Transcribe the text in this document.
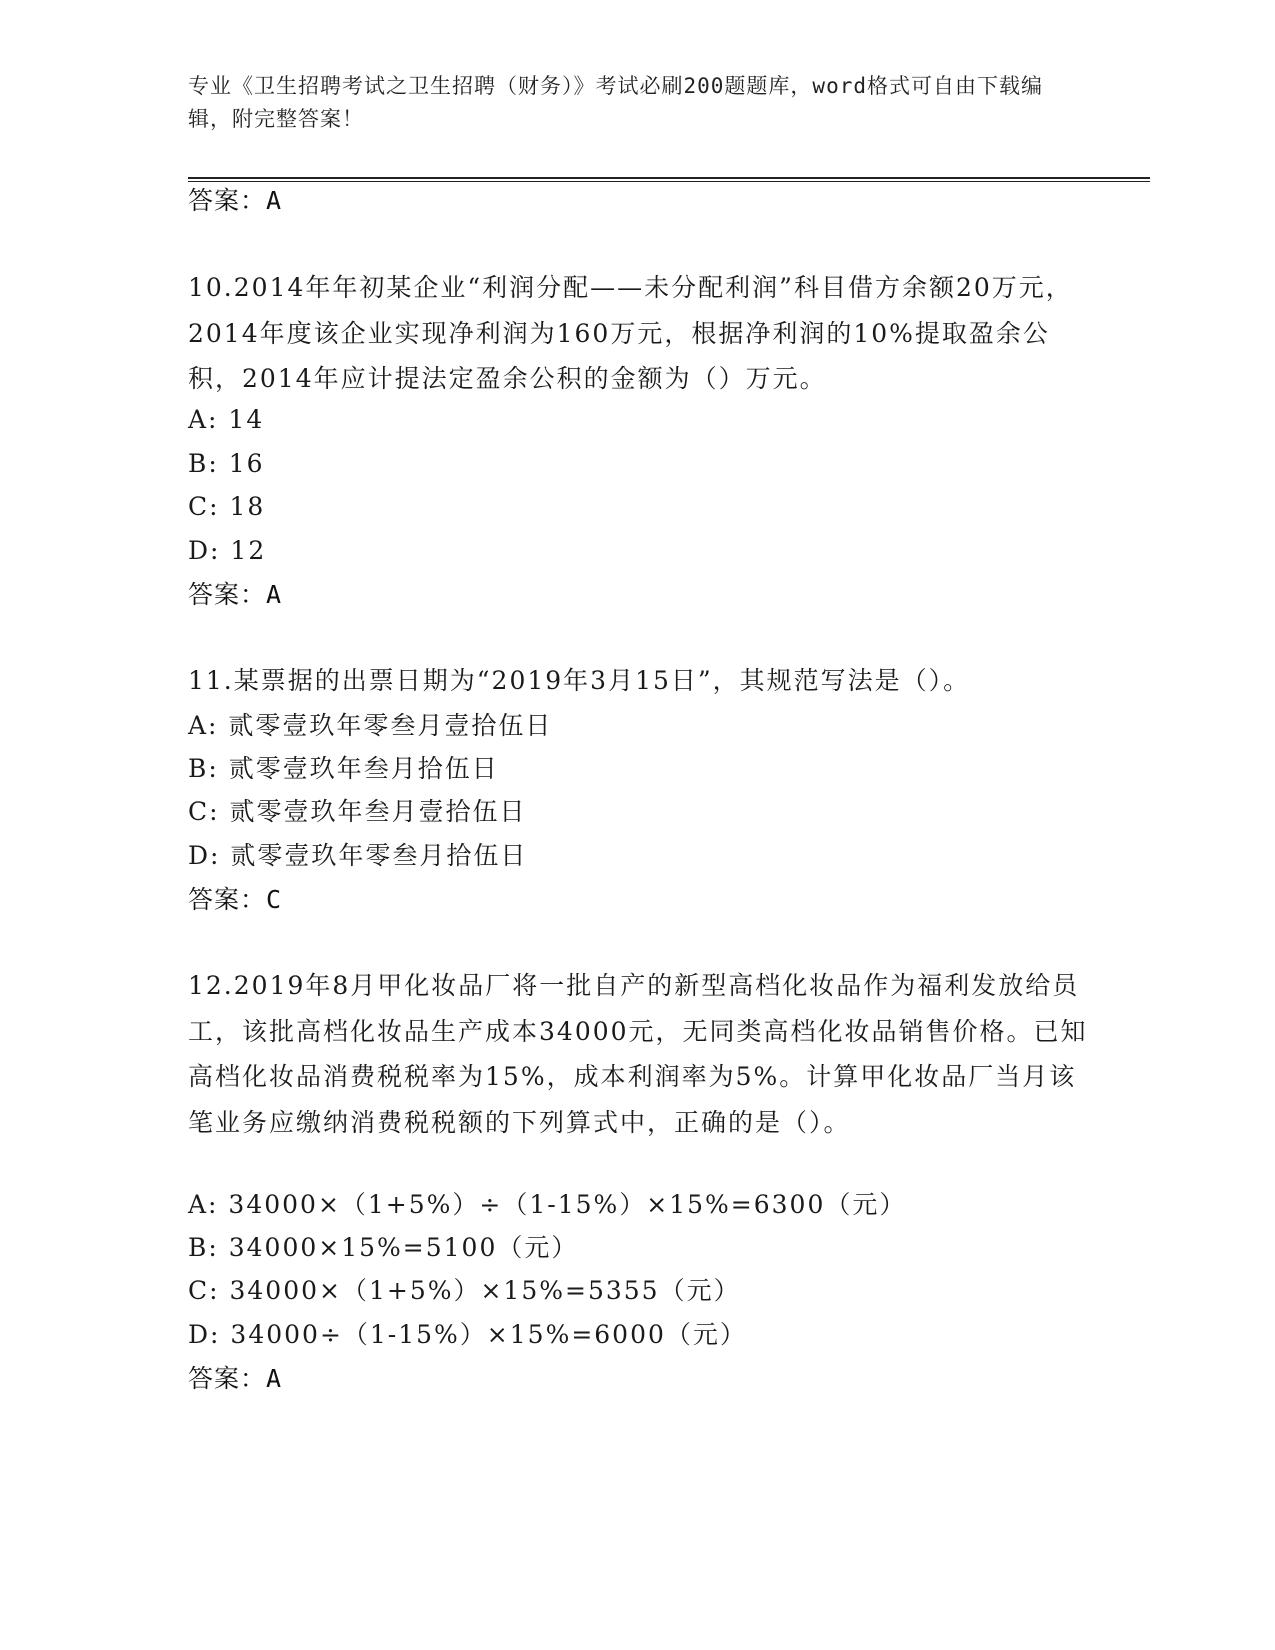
专业《卫生招聘考试之卫生招聘（财务）》考试必刷200题题库，word格式可自由下载编辑，附完整答案！
答案：A
10.2014年年初某企业“利润分配——未分配利润”科目借方余额20万元，2014年度该企业实现净利润为160万元，根据净利润的10%提取盈余公积，2014年应计提法定盈余公积的金额为（）万元。
A: 14
B: 16
C: 18
D: 12
答案：A
11.某票据的出票日期为“2019年3月15日”，其规范写法是（）。
A: 贰零壹玖年零叁月壹拾伍日
B: 贰零壹玖年叁月拾伍日
C: 贰零壹玖年叁月壹拾伍日
D: 贰零壹玖年零叁月拾伍日
答案：C
12.2019年8月甲化妆品厂将一批自产的新型高档化妆品作为福利发放给员工，该批高档化妆品生产成本34000元，无同类高档化妆品销售价格。已知高档化妆品消费税税率为15%，成本利润率为5%。计算甲化妆品厂当月该笔业务应缴纳消费税税额的下列算式中，正确的是（）。
A: 34000×（1+5%）÷（1-15%）×15%=6300（元）
B: 34000×15%=5100（元）
C: 34000×（1+5%）×15%=5355（元）
D: 34000÷（1-15%）×15%=6000（元）
答案：A
